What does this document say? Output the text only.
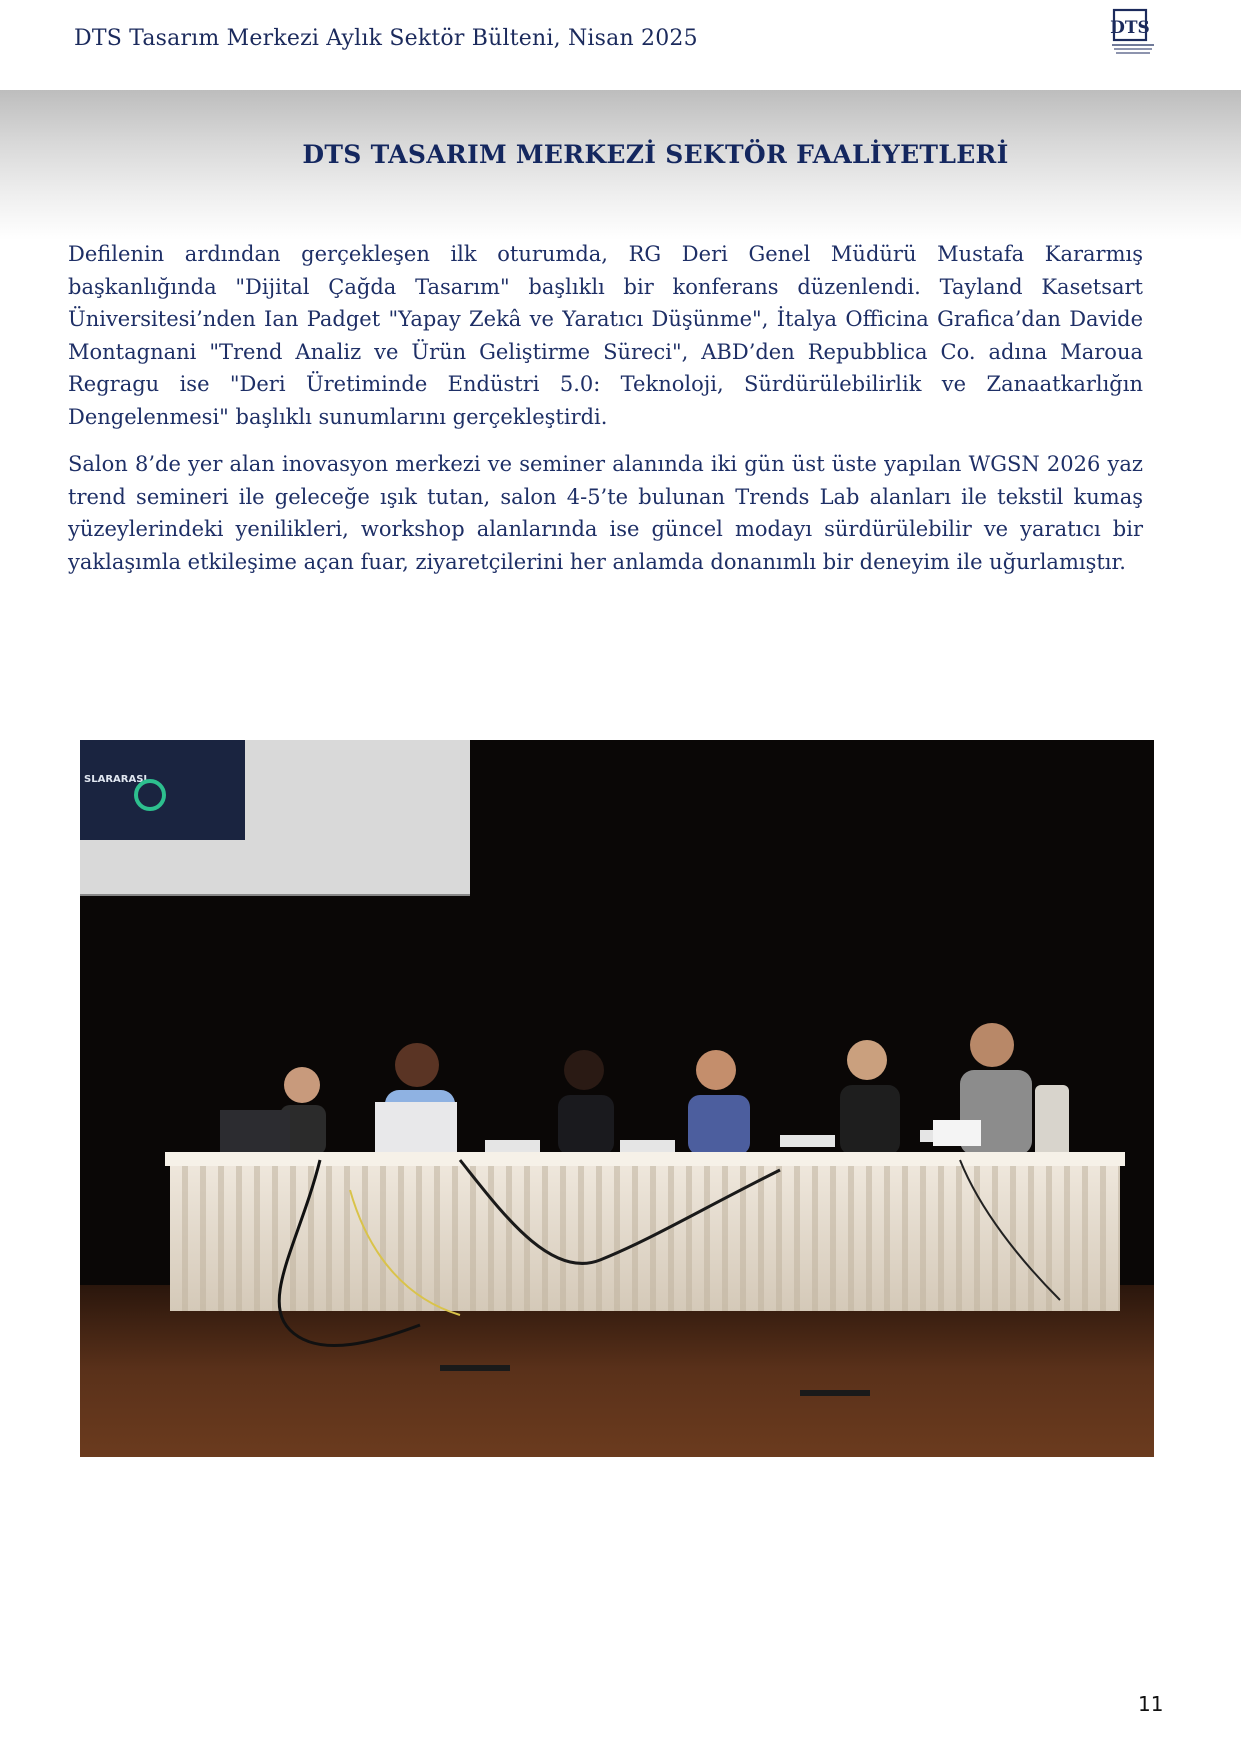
DTS Tasarım Merkezi Aylık Sektör Bülteni, Nisan 2025	DTS
DTS TASARIM MERKEZİ SEKTÖR FAALİYETLERİ

Defilenin ardından gerçekleşen ilk oturumda, RG Deri Genel Müdürü Mustafa Kararmış başkanlığında "Dijital Çağda Tasarım" başlıklı bir konferans düzenlendi. Tayland Kasetsart Üniversitesi’nden Ian Padget "Yapay Zekâ ve Yaratıcı Düşünme", İtalya Officina Grafica’dan Davide Montagnani "Trend Analiz ve Ürün Geliştirme Süreci", ABD’den Repubblica Co. adına Maroua Regragu ise "Deri Üretiminde Endüstri 5.0: Teknoloji, Sürdürülebilirlik ve Zanaatkarlığın Dengelenmesi" başlıklı sunumlarını gerçekleştirdi.

Salon 8’de yer alan inovasyon merkezi ve seminer alanında iki gün üst üste yapılan WGSN 2026 yaz trend semineri ile geleceğe ışık tutan, salon 4-5’te bulunan Trends Lab alanları ile tekstil kumaş yüzeylerindeki yenilikleri, workshop alanlarında ise güncel modayı sürdürülebilir ve yaratıcı bir yaklaşımla etkileşime açan fuar, ziyaretçilerini her anlamda donanımlı bir deneyim ile uğurlamıştır.

SLARARASI
11
